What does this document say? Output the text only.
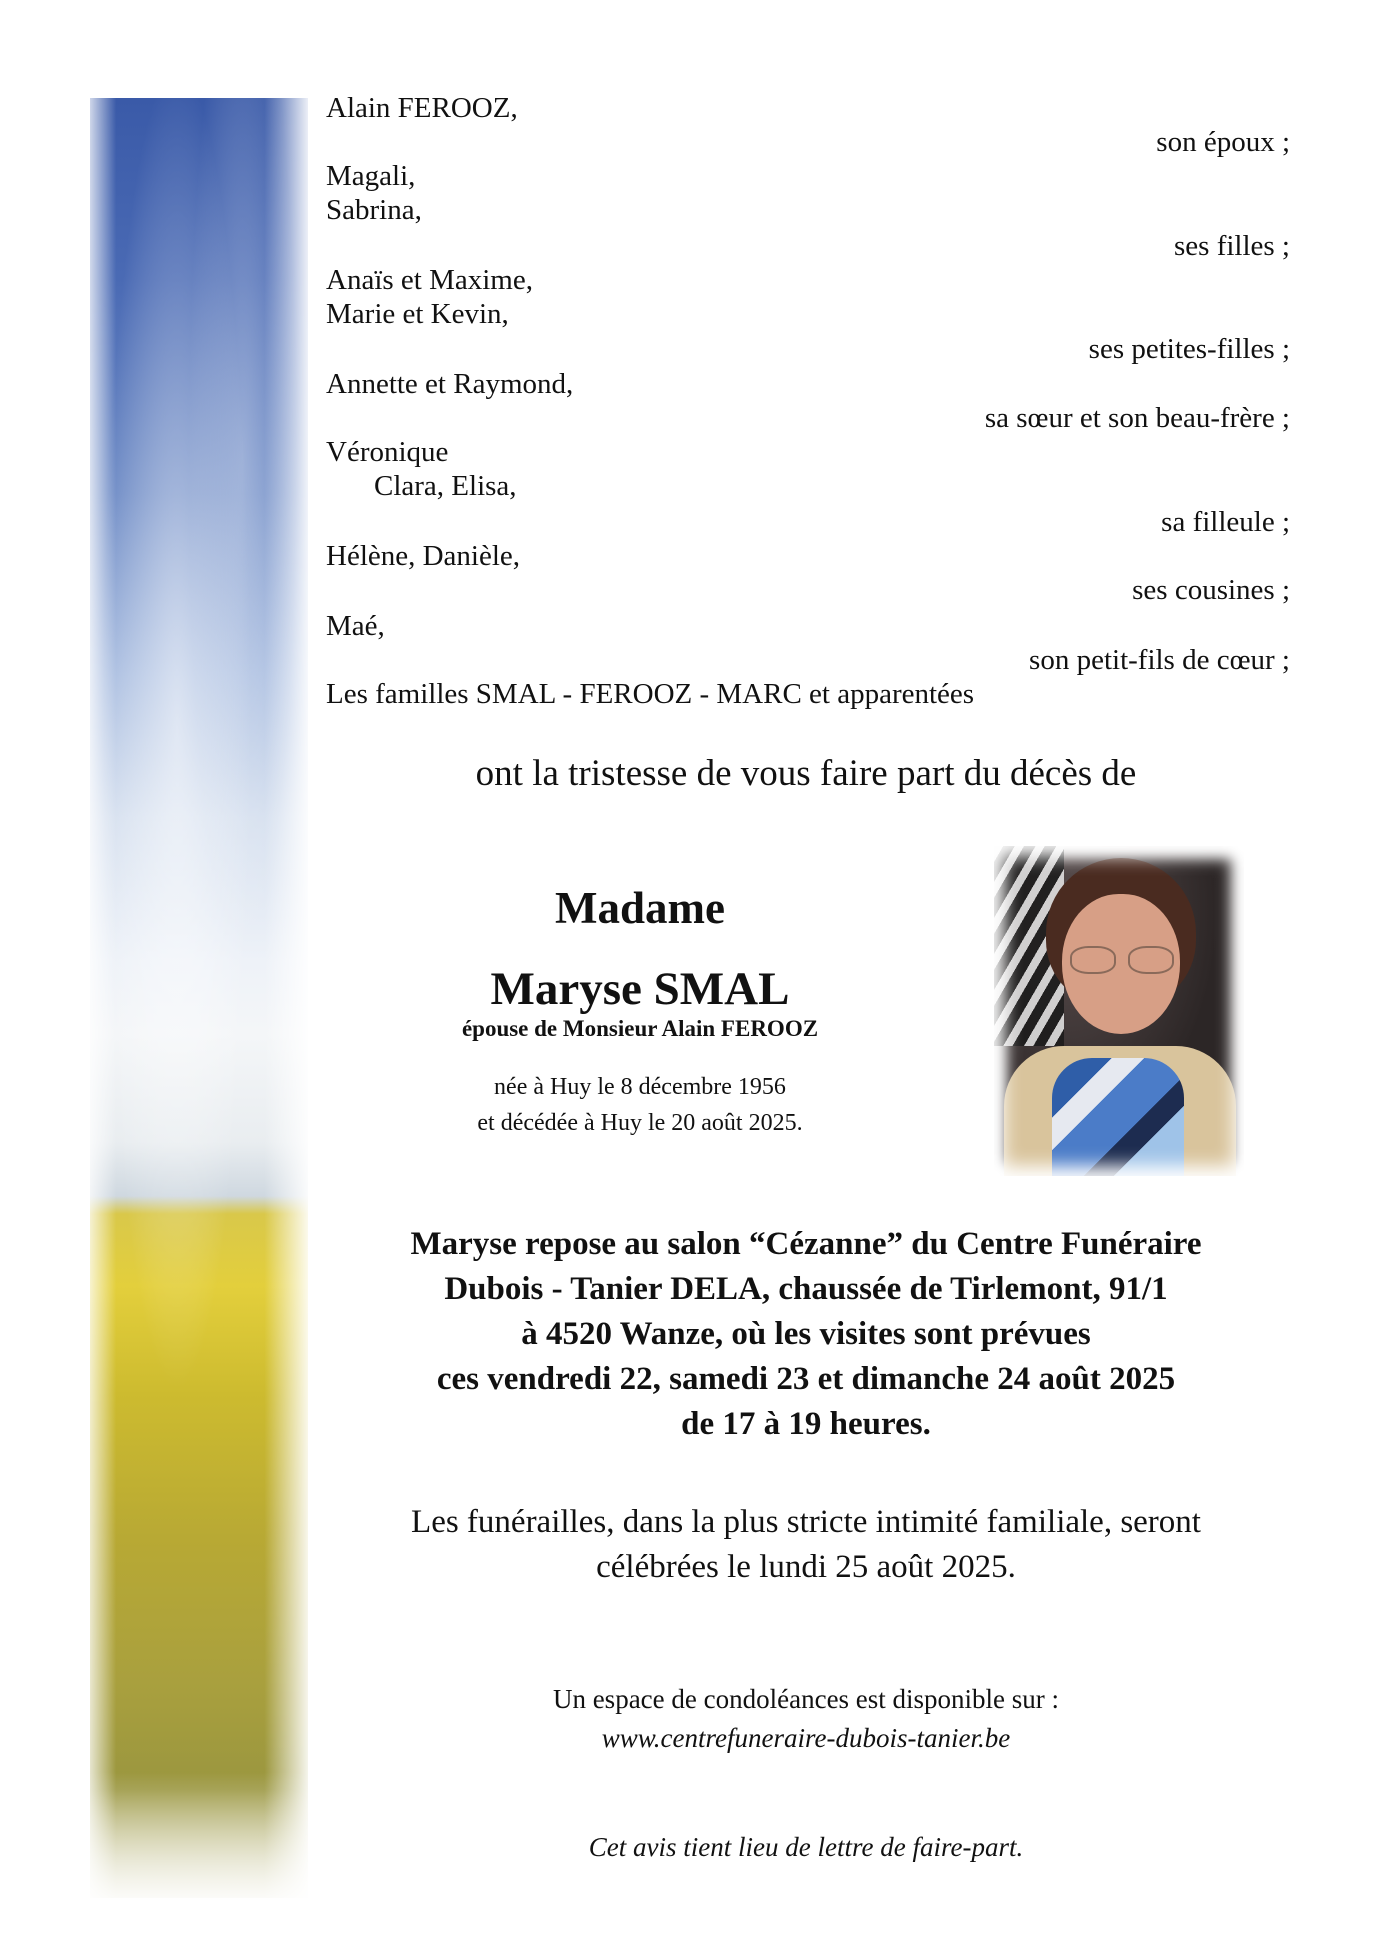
Alain FEROOZ,
son époux ;
Magali,
Sabrina,
ses filles ;
Anaïs et Maxime,
Marie et Kevin,
ses petites-filles ;
Annette et Raymond,
sa sœur et son beau-frère ;
Véronique
Clara, Elisa,
sa filleule ;
Hélène, Danièle,
ses cousines ;
Maé,
son petit-fils de cœur ;
Les familles SMAL - FEROOZ - MARC et apparentées
ont la tristesse de vous faire part du décès de
Madame
Maryse SMAL
épouse de Monsieur Alain FEROOZ
née à Huy le 8 décembre 1956
et décédée à Huy le 20 août 2025.
Maryse repose au salon “Cézanne” du Centre Funéraire
Dubois - Tanier DELA, chaussée de Tirlemont, 91/1
à 4520 Wanze, où les visites sont prévues
ces vendredi 22, samedi 23 et dimanche 24 août 2025
de 17 à 19 heures.
Les funérailles, dans la plus stricte intimité familiale, seront
célébrées le lundi 25 août 2025.
Un espace de condoléances est disponible sur :
www.centrefuneraire-dubois-tanier.be
Cet avis tient lieu de lettre de faire-part.
